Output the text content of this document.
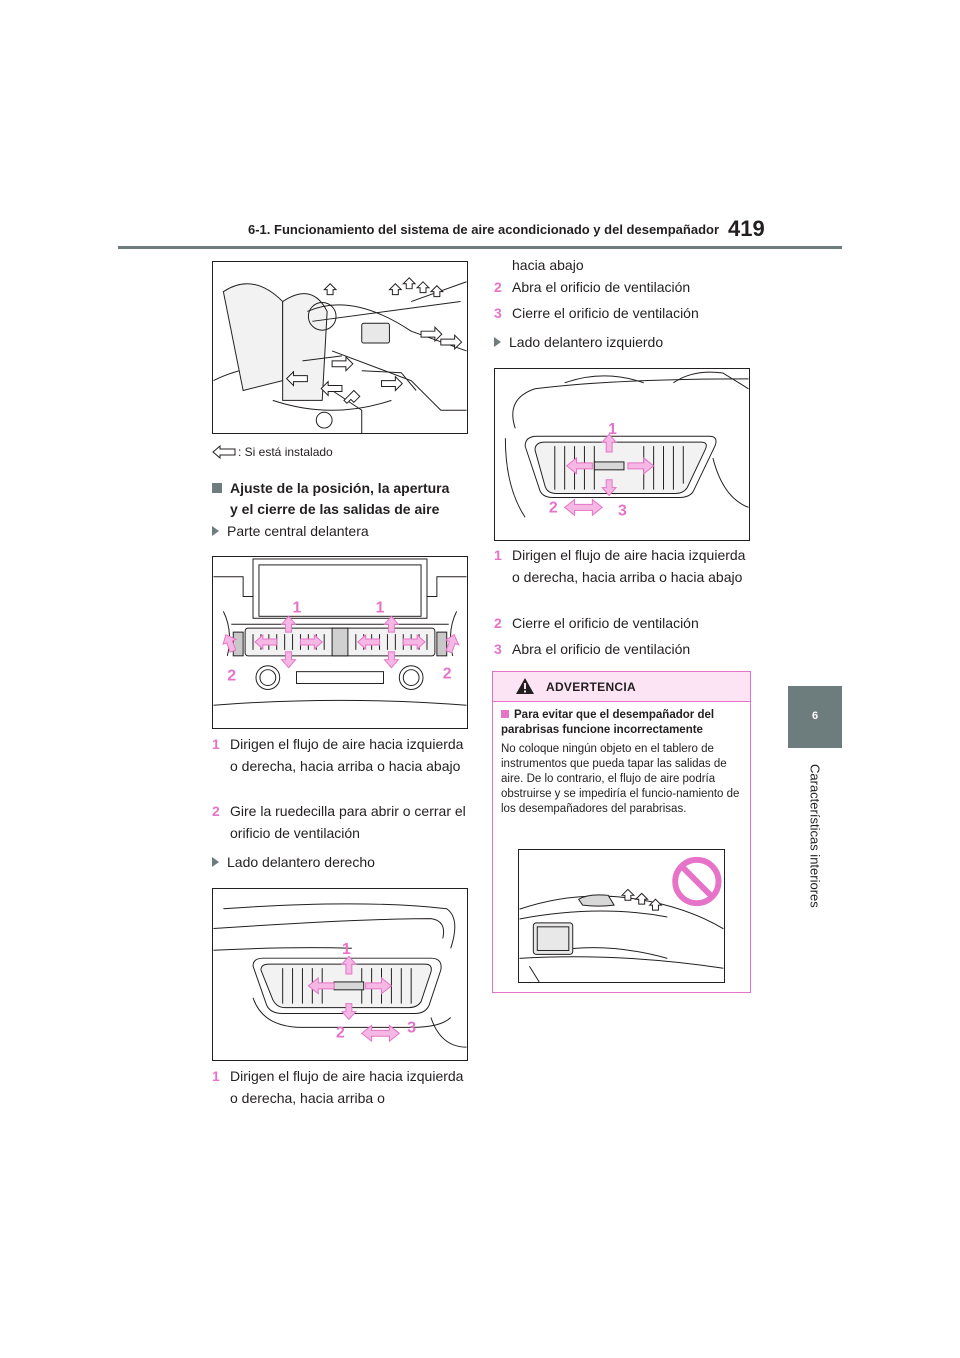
6-1. Funcionamiento del sistema de aire acondicionado y del desempañador 419
6
Características interiores
: Si está instalado
Ajuste de la posición, la apertura
y el cierre de las salidas de aire
Parte central delantera
1	1
2	2
1 Dirigen el flujo de aire hacia izquierda o derecha, hacia arriba o hacia abajo
2 Gire la ruedecilla para abrir o cerrar el orificio de ventilación
Lado delantero derecho
1
2	3
1 Dirigen el flujo de aire hacia izquierda o derecha, hacia arriba o
hacia abajo
2 Abra el orificio de ventilación
3 Cierre el orificio de ventilación
Lado delantero izquierdo
1
2	3
1 Dirigen el flujo de aire hacia izquierda o derecha, hacia arriba o hacia abajo
2 Cierre el orificio de ventilación
3 Abra el orificio de ventilación
ADVERTENCIA
Para evitar que el desempañador del parabrisas funcione incorrectamente
No coloque ningún objeto en el tablero de instrumentos que pueda tapar las salidas de aire. De lo contrario, el flujo de aire podría obstruirse y se impediría el funcio-namiento de los desempañadores del parabrisas.
